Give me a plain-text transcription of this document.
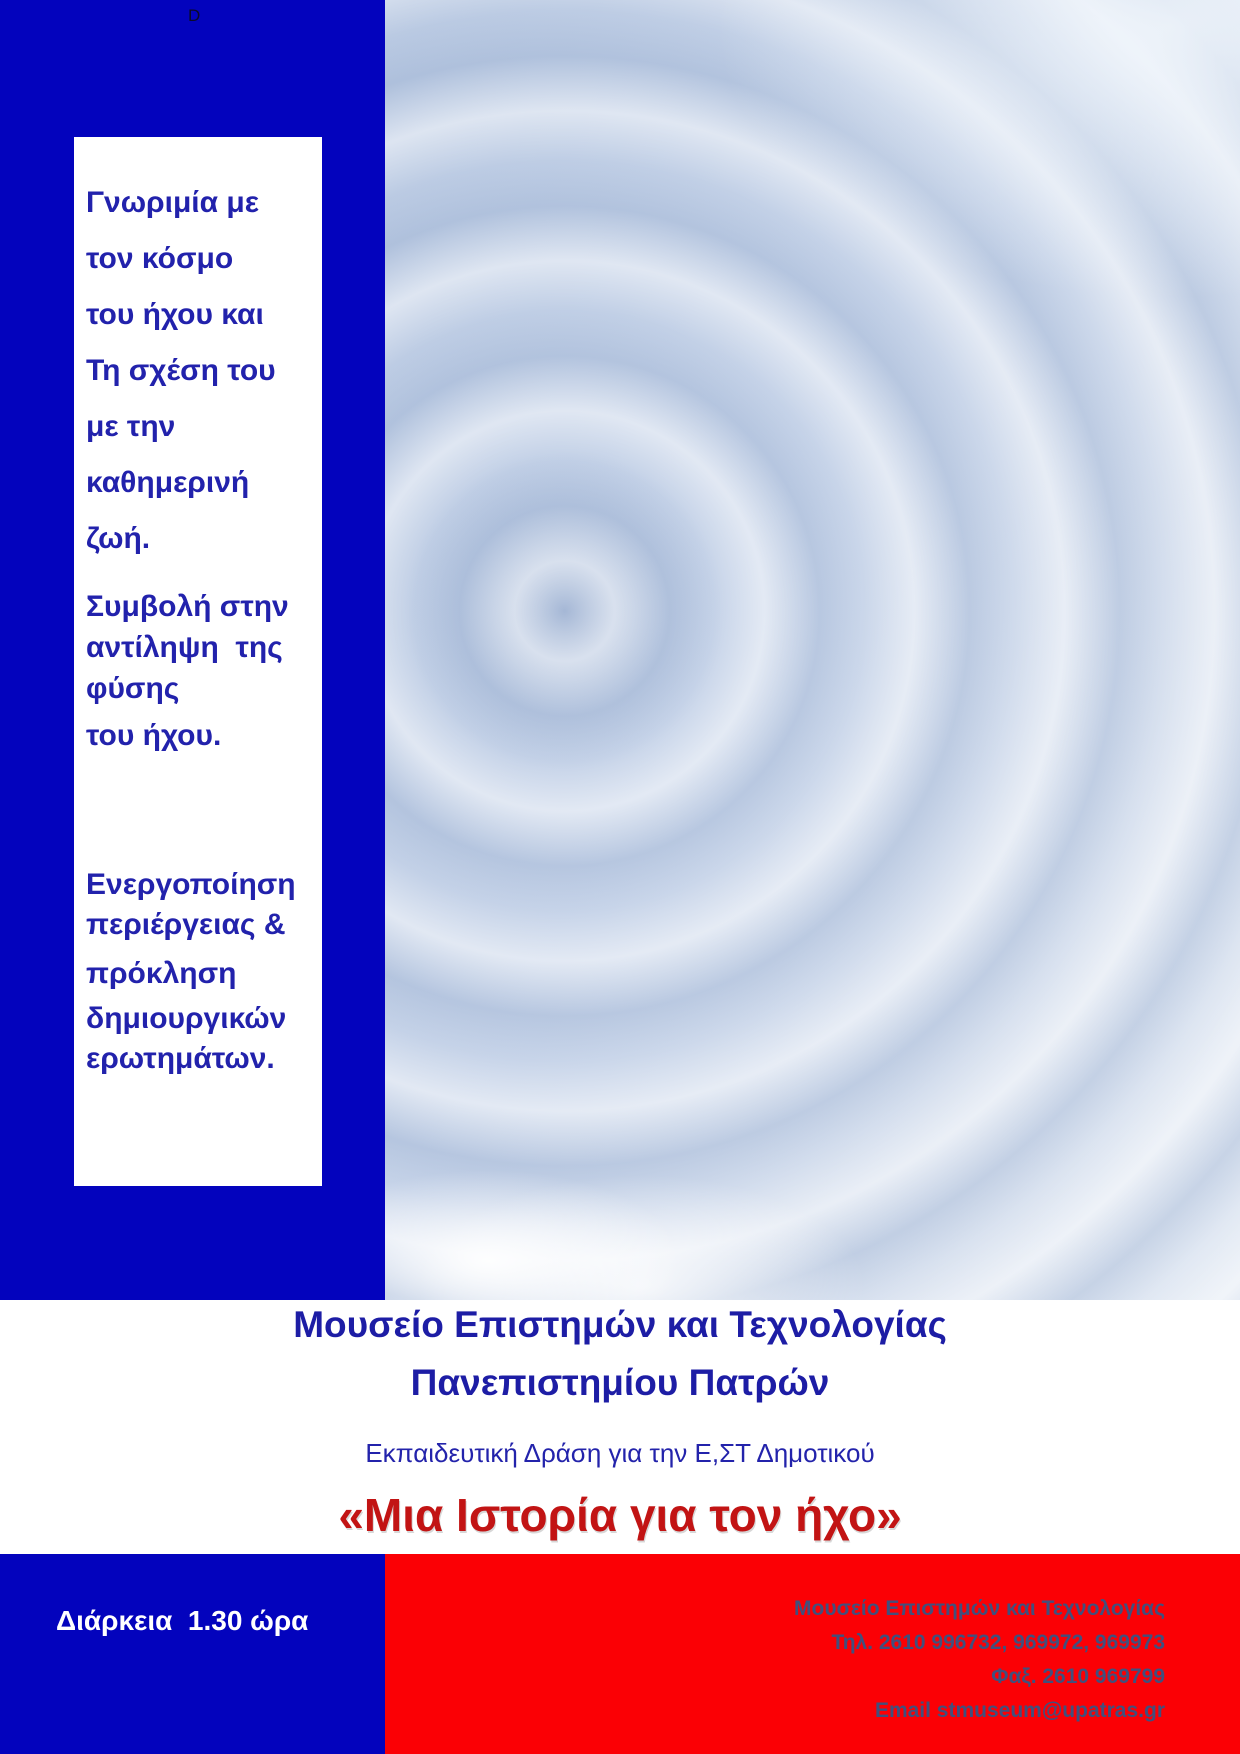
D
Γνωριμία με
τον κόσμο
του ήχου και
Τη σχέση του
με την
καθημερινή
ζωή.
Συμβολή στην
αντίληψη  της
φύσης
του ήχου.
Ενεργοποίηση
περιέργειας &
πρόκληση
δημιουργικών
ερωτημάτων.
Μουσείο Επιστημών και Τεχνολογίας
Πανεπιστημίου Πατρών
Εκπαιδευτική Δράση για την Ε,ΣΤ Δημοτικού
«Μια Ιστορία για τον ήχο»
Διάρκεια  1.30 ώρα	Μουσείο Επιστημών και Τεχνολογίας
Τηλ. 2610 996732, 969972, 969973
Φαξ. 2610 969799
Email stmuseum@upatras.gr
